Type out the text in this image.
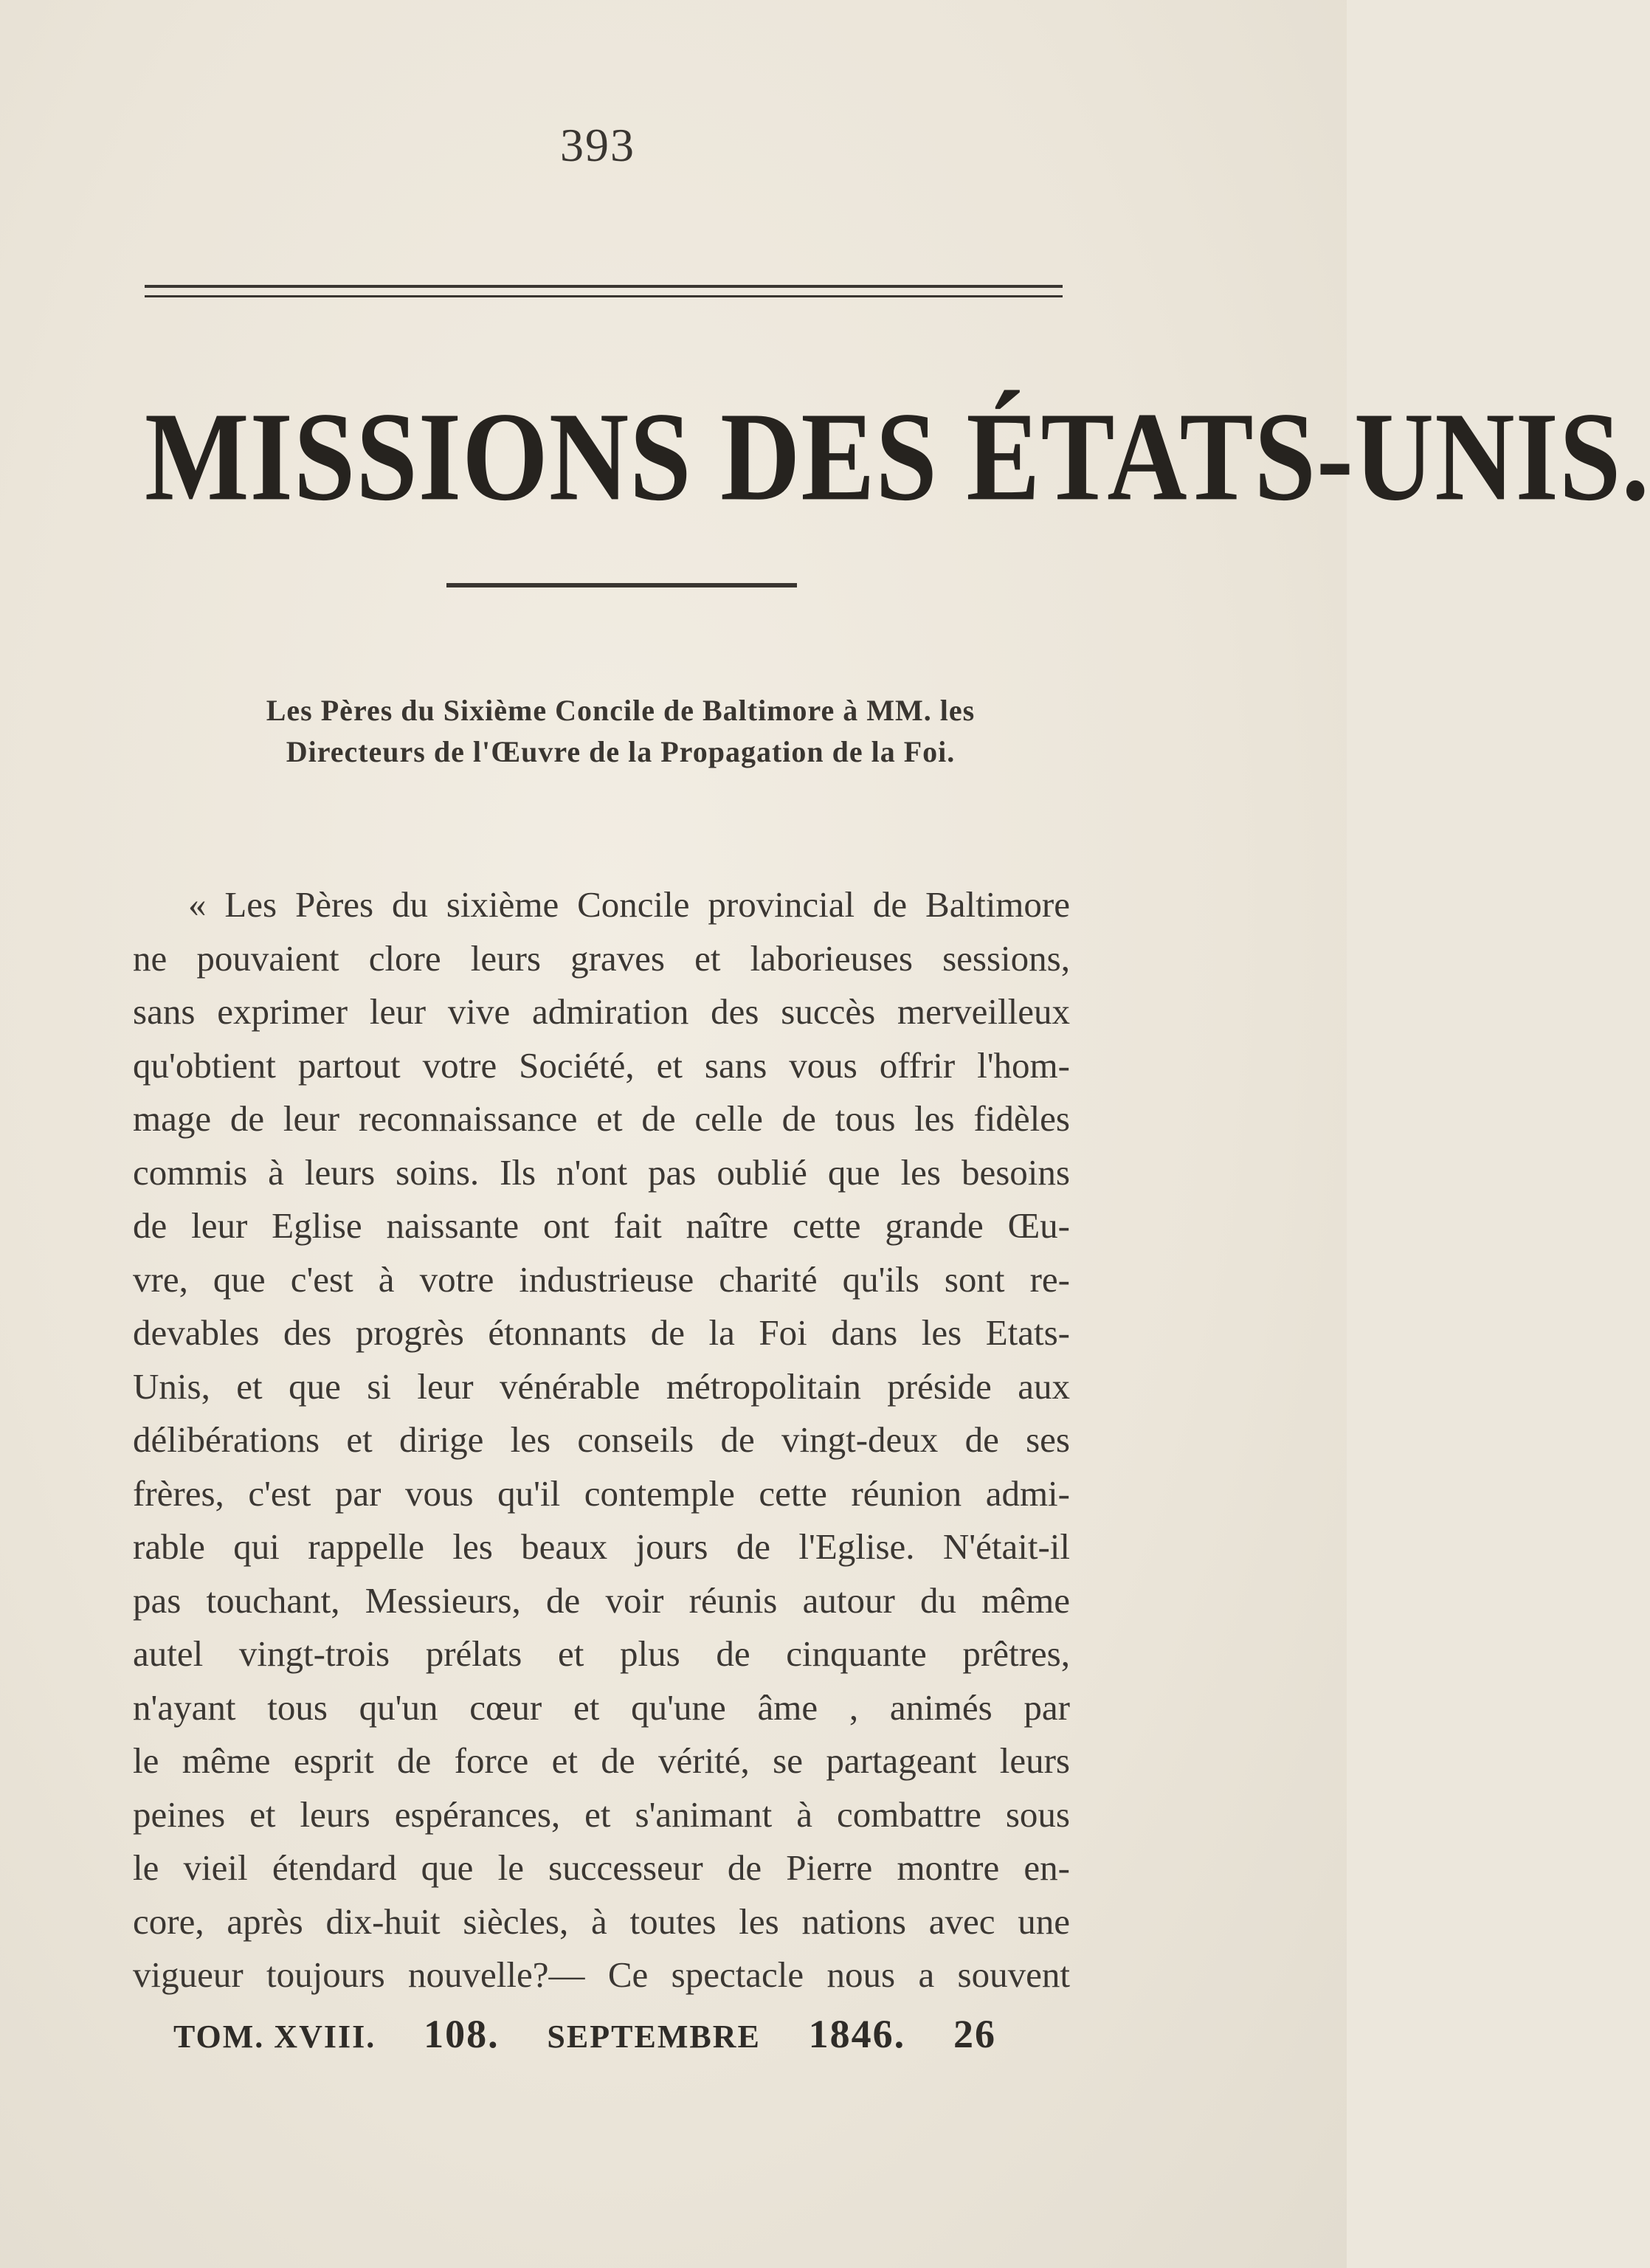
393
MISSIONS DES ÉTATS-UNIS.
Les Pères du Sixième Concile de Baltimore à MM. les
Directeurs de l'Œuvre de la Propagation de la Foi.
« Les Pères du sixième Concile provincial de Baltimore
ne pouvaient clore leurs graves et laborieuses sessions,
sans exprimer leur vive admiration des succès merveilleux
qu'obtient partout votre Société, et sans vous offrir l'hom-
mage de leur reconnaissance et de celle de tous les fidèles
commis à leurs soins. Ils n'ont pas oublié que les besoins
de leur Eglise naissante ont fait naître cette grande Œu-
vre, que c'est à votre industrieuse charité qu'ils sont re-
devables des progrès étonnants de la Foi dans les Etats-
Unis, et que si leur vénérable métropolitain préside aux
délibérations et dirige les conseils de vingt-deux de ses
frères, c'est par vous qu'il contemple cette réunion admi-
rable qui rappelle les beaux jours de l'Eglise. N'était-il
pas touchant, Messieurs, de voir réunis autour du même
autel vingt-trois prélats et plus de cinquante prêtres,
n'ayant tous qu'un cœur et qu'une âme , animés par
le même esprit de force et de vérité, se partageant leurs
peines et leurs espérances, et s'animant à combattre sous
le vieil étendard que le successeur de Pierre montre en-
core, après dix-huit siècles, à toutes les nations avec une
vigueur toujours nouvelle?— Ce spectacle nous a souvent
TOM. XVIII. 108. SEPTEMBRE 1846. 26
